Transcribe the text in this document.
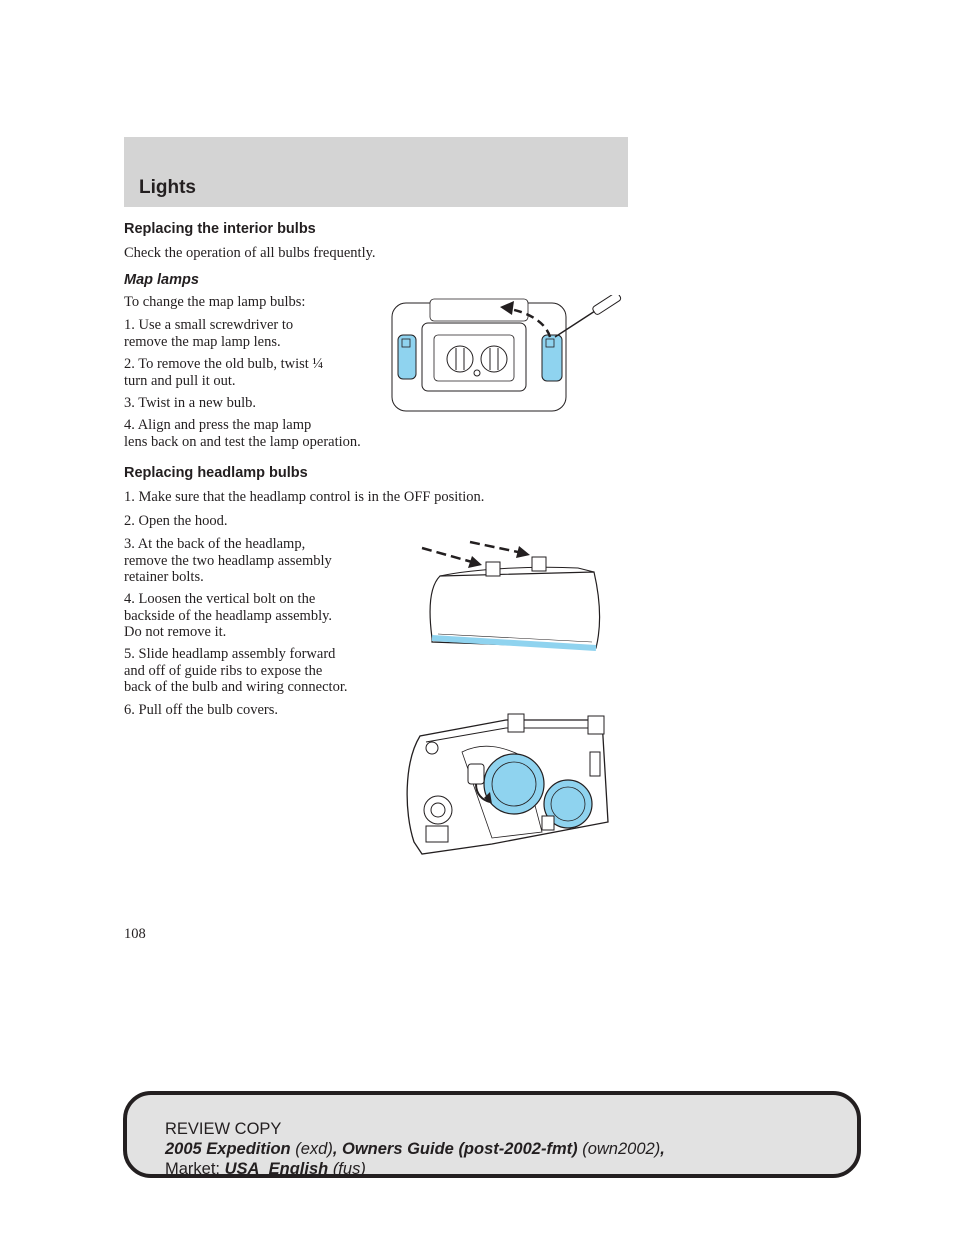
Lights
Replacing the interior bulbs

Check the operation of all bulbs frequently.

Map lamps

To change the map lamp bulbs:

1. Use a small screwdriver to
remove the map lamp lens.

2. To remove the old bulb, twist ¼
turn and pull it out.

3. Twist in a new bulb.

4. Align and press the map lamp
lens back on and test the lamp operation.

Replacing headlamp bulbs

1. Make sure that the headlamp control is in the OFF position.

2. Open the hood.

3. At the back of the headlamp,
remove the two headlamp assembly
retainer bolts.

4. Loosen the vertical bolt on the
backside of the headlamp assembly.
Do not remove it.

5. Slide headlamp assembly forward
and off of guide ribs to expose the
back of the bulb and wiring connector.

6. Pull off the bulb covers.

108

REVIEW COPY
2005 Expedition (exd), Owners Guide (post-2002-fmt) (own2002),
Market: USA_English (fus)
